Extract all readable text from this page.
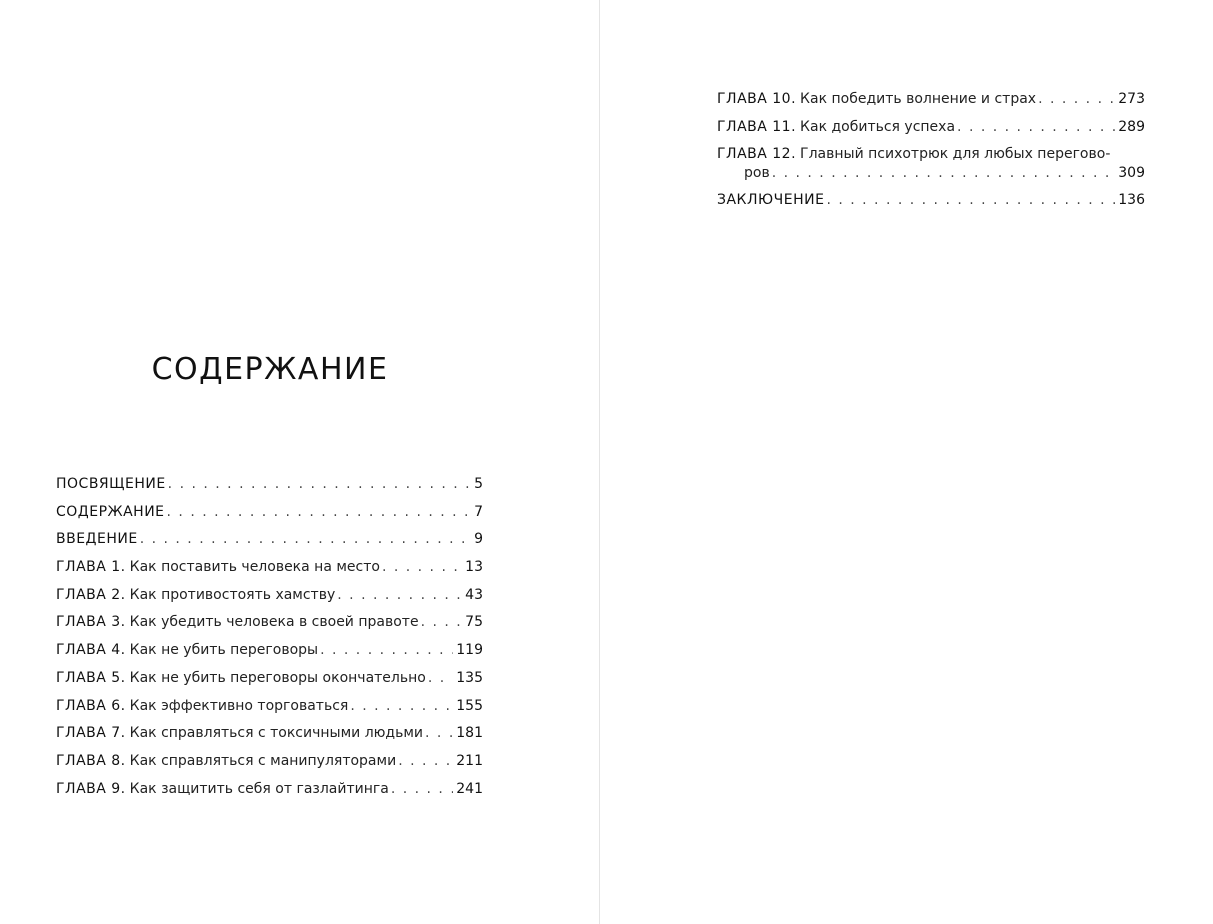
СОДЕРЖАНИЕ
ПОСВЯЩЕНИЕ . . .	5
СОДЕРЖАНИЕ . . .	7
ВВЕДЕНИЕ . . .	9
ГЛАВА 1. Как поставить человека на место . . .	13
ГЛАВА 2. Как противостоять хамству . . .	43
ГЛАВА 3. Как убедить человека в своей правоте . . .	75
ГЛАВА 4. Как не убить переговоры . . .	119
ГЛАВА 5. Как не убить переговоры окончательно . . . 135
ГЛАВА 6. Как эффективно торговаться . . .	155
ГЛАВА 7. Как справляться с токсичными людьми . . . 181
ГЛАВА 8. Как справляться с манипуляторами . . .	211
ГЛАВА 9. Как защитить себя от газлайтинга . . .	241
ГЛАВА 10. Как победить волнение и страх . . .	273
ГЛАВА 11. Как добиться успеха . . .	289
ГЛАВА 12. Главный психотрюк для любых перегово-
ров . . .	309
ЗАКЛЮЧЕНИЕ . . .	136
